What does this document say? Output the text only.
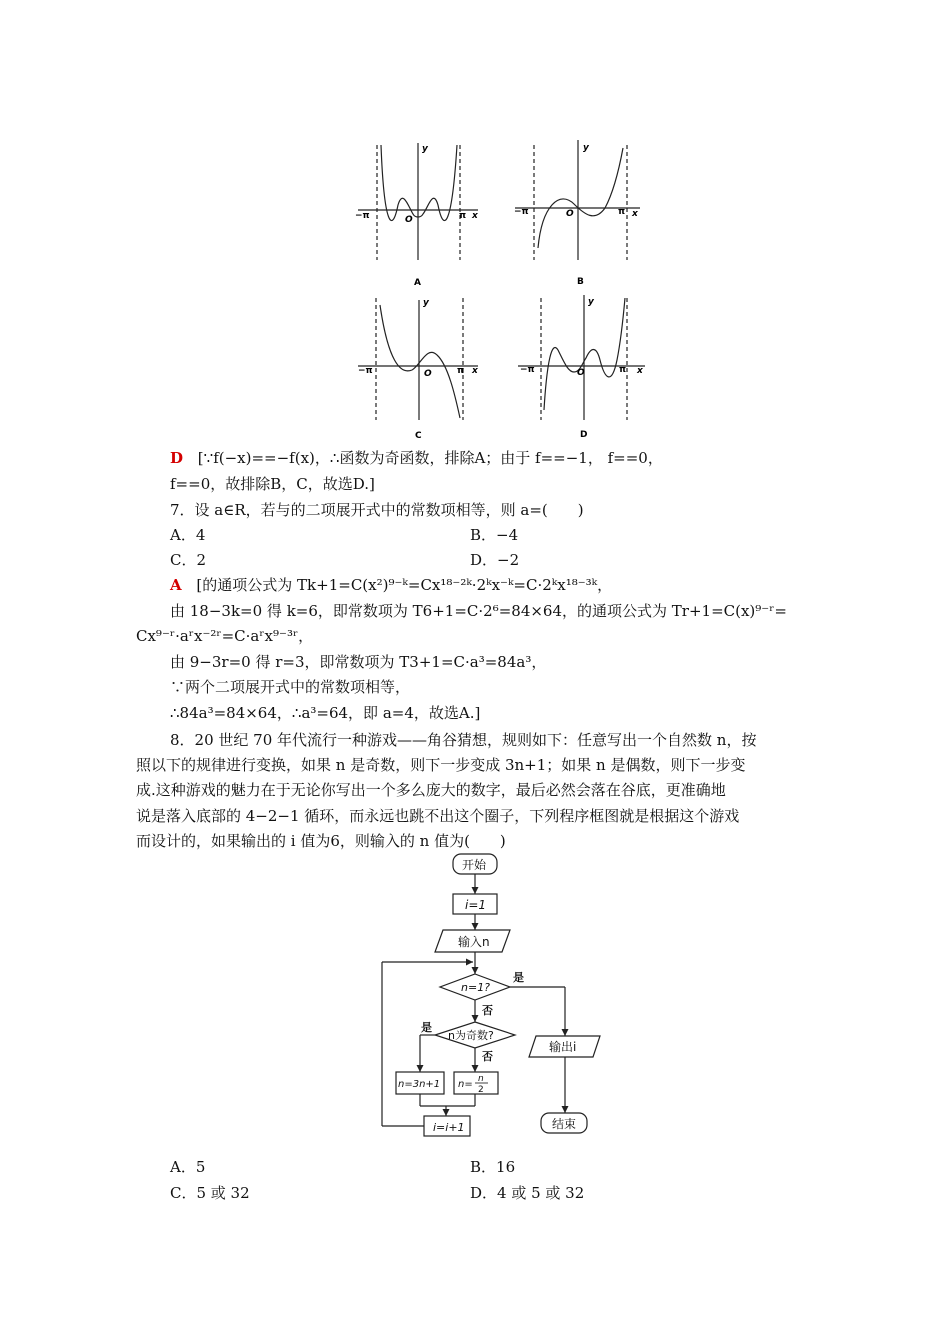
y
x
−π	π
O
A
y
x
−π	π
O
B
y
x
−π	π
O
C
y
x
−π	π
O
D
D [∵f(−x)==−f(x)，∴函数为奇函数，排除A；由于 f==−1， f==0，
f==0，故排除B，C，故选D.]
7．设 a∈R，若与的二项展开式中的常数项相等，则 a=(　　)
A．4	B．−4
C．2	D．−2
A [的通项公式为 Tk+1=C(x²)⁹⁻ᵏ=Cx¹⁸⁻²ᵏ·2ᵏx⁻ᵏ=C·2ᵏx¹⁸⁻³ᵏ，
由 18−3k=0 得 k=6，即常数项为 T6+1=C·2⁶=84×64，的通项公式为 Tr+1=C(x)⁹⁻ʳ=
Cx⁹⁻ʳ·aʳx⁻²ʳ=C·aʳx⁹⁻³ʳ，
由 9−3r=0 得 r=3，即常数项为 T3+1=C·a³=84a³，
∵两个二项展开式中的常数项相等，
∴84a³=84×64，∴a³=64，即 a=4，故选A.]
8．20 世纪 70 年代流行一种游戏——角谷猜想，规则如下：任意写出一个自然数 n，按
照以下的规律进行变换，如果 n 是奇数，则下一步变成 3n+1；如果 n 是偶数，则下一步变
成.这种游戏的魅力在于无论你写出一个多么庞大的数字，最后必然会落在谷底，更准确地
说是落入底部的 4−2−1 循环，而永远也跳不出这个圈子，下列程序框图就是根据这个游戏
而设计的，如果输出的 i 值为6，则输入的 n 值为(　　)
开始
i=1
输入n
n=1?
是
否
n为奇数?
是
否
n=3n+1 n= n
2
i=i+1
输出i
结束
A．5	B．16
C．5 或 32	D．4 或 5 或 32
